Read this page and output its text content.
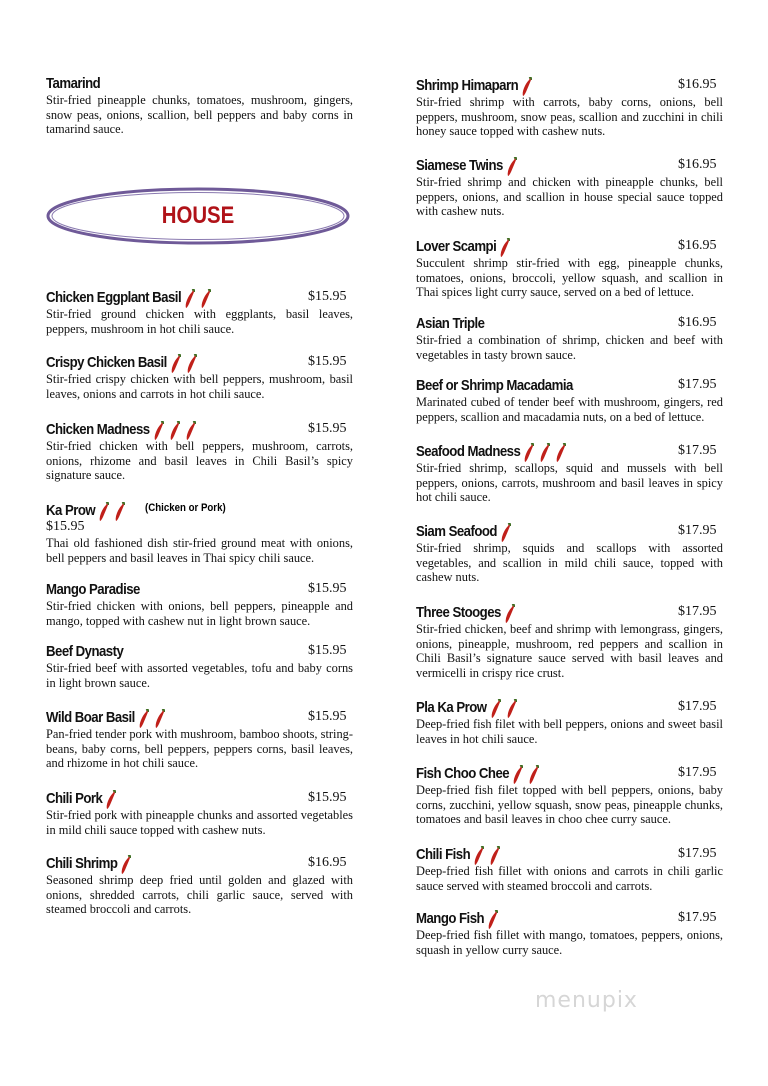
HOUSE
menupix
Tamarind
Stir-fried pineapple chunks, tomatoes, mushroom, gingers, snow peas, onions, scallion, bell peppers and baby corns in tamarind sauce.
Chicken Eggplant Basil	$15.95
Stir-fried ground chicken with eggplants, basil leaves, peppers, mushroom in hot chili sauce.
Crispy Chicken Basil	$15.95
Stir-fried crispy chicken with bell peppers, mushroom, basil leaves, onions and carrots in hot chili sauce.
Chicken Madness	$15.95
Stir-fried chicken with bell peppers, mushroom, carrots, onions, rhizome and basil leaves in Chili Basil’s spicy signature sauce.
Ka Prow	(Chicken or Pork)
$15.95
Thai old fashioned dish stir-fried ground meat with onions, bell peppers and basil leaves in Thai spicy chili sauce.
Mango Paradise	$15.95
Stir-fried chicken with onions, bell peppers, pineapple and mango, topped with cashew nut in light brown sauce.
Beef Dynasty	$15.95
Stir-fried beef with assorted vegetables, tofu and baby corns in light brown sauce.
Wild Boar Basil	$15.95
Pan-fried tender pork with mushroom, bamboo shoots, string-beans, baby corns, bell peppers, peppers corns, basil leaves, and rhizome in hot chili sauce.
Chili Pork	$15.95
Stir-fried pork with pineapple chunks and assorted vegetables in mild chili sauce topped with cashew nuts.
Chili Shrimp	$16.95
Seasoned shrimp deep fried until golden and glazed with onions, shredded carrots, chili garlic sauce, served with steamed broccoli and carrots.
Shrimp Himaparn	$16.95
Stir-fried shrimp with carrots, baby corns, onions, bell peppers, mushroom, snow peas, scallion and zucchini in chili honey sauce topped with cashew nuts.
Siamese Twins	$16.95
Stir-fried shrimp and chicken with pineapple chunks, bell peppers, onions, and scallion in house special sauce topped with cashew nuts.
Lover Scampi	$16.95
Succulent shrimp stir-fried with egg, pineapple chunks, tomatoes, onions, broccoli, yellow squash, and scallion in Thai spices light curry sauce, served on a bed of lettuce.
Asian Triple	$16.95
Stir-fried a combination of shrimp, chicken and beef with vegetables in tasty brown sauce.
Beef or Shrimp Macadamia	$17.95
Marinated cubed of tender beef with mushroom, gingers, red peppers, scallion and macadamia nuts, on a bed of lettuce.
Seafood Madness	$17.95
Stir-fried shrimp, scallops, squid and mussels with bell peppers, onions, carrots, mushroom and basil leaves in spicy hot chili sauce.
Siam Seafood	$17.95
Stir-fried shrimp, squids and scallops with assorted vegetables, and scallion in mild chili sauce, topped with cashew nuts.
Three Stooges	$17.95
Stir-fried chicken, beef and shrimp with lemongrass, gingers, onions, pineapple, mushroom, red peppers and scallion in Chili Basil’s signature sauce served with basil leaves and vermicelli in crispy rice crust.
Pla Ka Prow	$17.95
Deep-fried fish filet with bell peppers, onions and sweet basil leaves in hot chili sauce.
Fish Choo Chee	$17.95
Deep-fried fish filet topped with bell peppers, onions, baby corns, zucchini, yellow squash, snow peas, pineapple chunks, tomatoes and basil leaves in choo chee curry sauce.
Chili Fish	$17.95
Deep-fried fish fillet with onions and carrots in chili garlic sauce served with steamed broccoli and carrots.
Mango Fish	$17.95
Deep-fried fish fillet with mango, tomatoes, peppers, onions, squash in yellow curry sauce.
